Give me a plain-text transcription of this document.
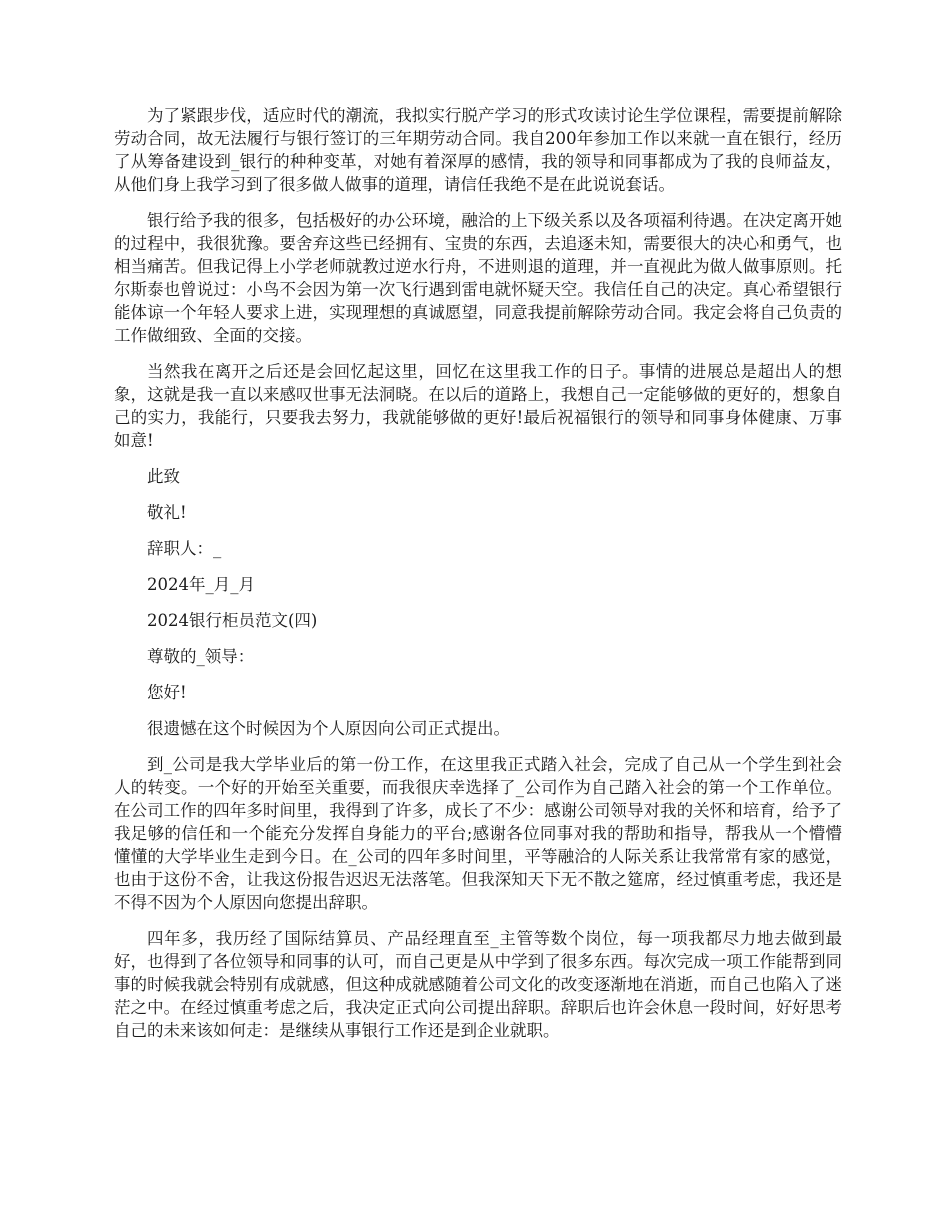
为了紧跟步伐，适应时代的潮流，我拟实行脱产学习的形式攻读讨论生学位课程，需要提前解除劳动合同，故无法履行与银行签订的三年期劳动合同。我自200年参加工作以来就一直在银行，经历了从筹备建设到_银行的种种变革，对她有着深厚的感情，我的领导和同事都成为了我的良师益友，从他们身上我学习到了很多做人做事的道理，请信任我绝不是在此说说套话。

银行给予我的很多，包括极好的办公环境，融洽的上下级关系以及各项福利待遇。在决定离开她的过程中，我很犹豫。要舍弃这些已经拥有、宝贵的东西，去追逐未知，需要很大的决心和勇气，也相当痛苦。但我记得上小学老师就教过逆水行舟，不进则退的道理，并一直视此为做人做事原则。托尔斯泰也曾说过：小鸟不会因为第一次飞行遇到雷电就怀疑天空。我信任自己的决定。真心希望银行能体谅一个年轻人要求上进，实现理想的真诚愿望，同意我提前解除劳动合同。我定会将自己负责的工作做细致、全面的交接。

当然我在离开之后还是会回忆起这里，回忆在这里我工作的日子。事情的进展总是超出人的想象，这就是我一直以来感叹世事无法洞晓。在以后的道路上，我想自己一定能够做的更好的，想象自己的实力，我能行，只要我去努力，我就能够做的更好!最后祝福银行的领导和同事身体健康、万事如意!

此致

敬礼!

辞职人：_

2024年_月_月

2024银行柜员范文(四)

尊敬的_领导：

您好!

很遗憾在这个时候因为个人原因向公司正式提出。

到_公司是我大学毕业后的第一份工作，在这里我正式踏入社会，完成了自己从一个学生到社会人的转变。一个好的开始至关重要，而我很庆幸选择了_公司作为自己踏入社会的第一个工作单位。在公司工作的四年多时间里，我得到了许多，成长了不少：感谢公司领导对我的关怀和培育，给予了我足够的信任和一个能充分发挥自身能力的平台;感谢各位同事对我的帮助和指导，帮我从一个懵懵懂懂的大学毕业生走到今日。在_公司的四年多时间里，平等融洽的人际关系让我常常有家的感觉，也由于这份不舍，让我这份报告迟迟无法落笔。但我深知天下无不散之筵席，经过慎重考虑，我还是不得不因为个人原因向您提出辞职。

四年多，我历经了国际结算员、产品经理直至_主管等数个岗位，每一项我都尽力地去做到最好，也得到了各位领导和同事的认可，而自己更是从中学到了很多东西。每次完成一项工作能帮到同事的时候我就会特别有成就感，但这种成就感随着公司文化的改变逐渐地在消逝，而自己也陷入了迷茫之中。在经过慎重考虑之后，我决定正式向公司提出辞职。辞职后也许会休息一段时间，好好思考自己的未来该如何走：是继续从事银行工作还是到企业就职。
